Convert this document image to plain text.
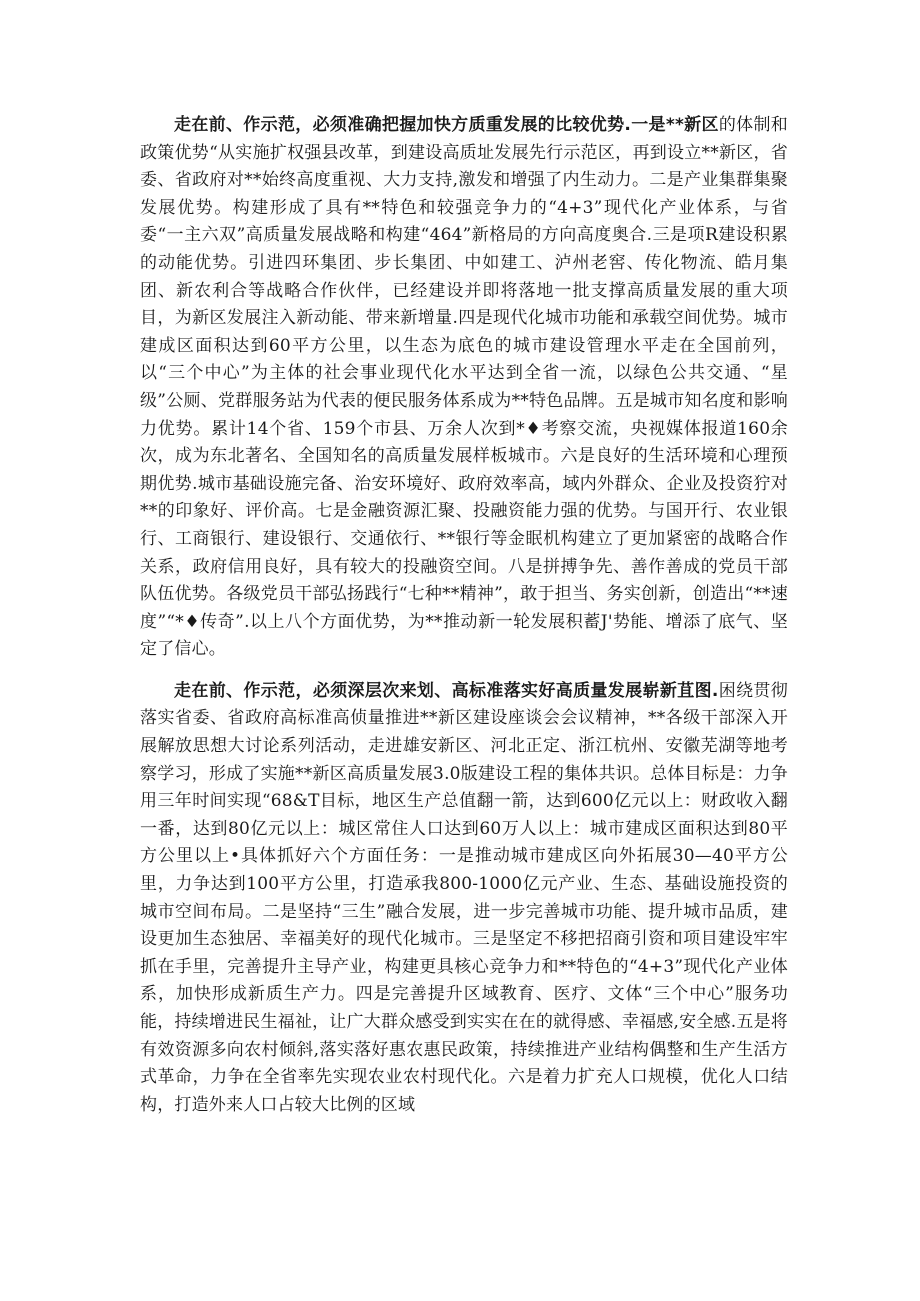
走在前、作示范，必须准确把握加快方质重发展的比较优势.一是**新区的体制和政策优势“从实施扩权强县改革，到建设高质址发展先行示范区，再到设立**新区，省委、省政府对**始终高度重视、大力支持,激发和增强了内生动力。二是产业集群集聚发展优势。构建形成了具有**特色和较强竞争力的“4+3”现代化产业体系，与省委“一主六双”高质量发展战略和构建“464”新格局的方向高度奥合.三是项R建设积累的动能优势。引进四环集团、步长集团、中如建工、泸州老窖、传化物流、皓月集团、新农利合等战略合作伙伴，已经建设并即将落地一批支撑高质量发展的重大项目，为新区发展注入新动能、带来新增量.四是现代化城市功能和承载空间优势。城市建成区面积达到60平方公里，以生态为底色的城市建设管理水平走在全国前列，以“三个中心”为主体的社会事业现代化水平达到全省一流，以绿色公共交通、“星级”公厕、党群服务站为代表的便民服务体系成为**特色品牌。五是城市知名度和影响力优势。累计14个省、159个市县、万余人次到*♦考察交流，央视媒体报道160余次，成为东北著名、全国知名的高质量发展样板城市。六是良好的生活环境和心理预期优势.城市基础设施完备、治安环境好、政府效率高，域内外群众、企业及投资狞对**的印象好、评价高。七是金融资源汇聚、投融资能力强的优势。与国开行、农业银行、工商银行、建设银行、交通依行、**银行等金眠机构建立了更加紧密的战略合作关系，政府信用良好，具有较大的投融资空间。八是拼搏争先、善作善成的党员干部队伍优势。各级党员干部弘扬践行“七种**精神”，敢于担当、务实创新，创造出“**速度”“*♦传奇”.以上八个方面优势，为**推动新一轮发展积蓄J'势能、增添了底气、坚定了信心。

走在前、作示范，必须深层次来划、高标准落实好高质量发展崭新苴图.困绕贯彻落实省委、省政府高标准高侦量推进**新区建设座谈会会议精神，**各级干部深入开展解放思想大讨论系列活动，走进雄安新区、河北正定、浙江杭州、安徽芜湖等地考察学习，形成了实施**新区高质量发展3.0版建设工程的集体共识。总体目标是：力争用三年时间实现“68&T目标，地区生产总值翻一箭，达到600亿元以上：财政收入翻一番，达到80亿元以上：城区常住人口达到60万人以上：城市建成区面积达到80平方公里以上•具体抓好六个方面任务：一是推动城市建成区向外拓展30—40平方公里，力争达到100平方公里，打造承我800-1000亿元产业、生态、基础设施投资的城市空间布局。二是坚持“三生”融合发展，进一步完善城市功能、提升城市品质，建设更加生态独居、幸福美好的现代化城市。三是坚定不移把招商引资和项目建设牢牢抓在手里，完善提升主导产业，构建更具核心竞争力和**特色的“4+3”现代化产业体系，加快形成新质生产力。四是完善提升区域教育、医疗、文体“三个中心”服务功能，持续增进民生福祉，让广大群众感受到实实在在的就得感、幸福感,安全感.五是将有效资源多向农村倾斜,落实落好惠农惠民政策，持续推进产业结构偶整和生产生活方式革命，力争在全省率先实现农业农村现代化。六是着力扩充人口规模，优化人口结构，打造外来人口占较大比例的区域
